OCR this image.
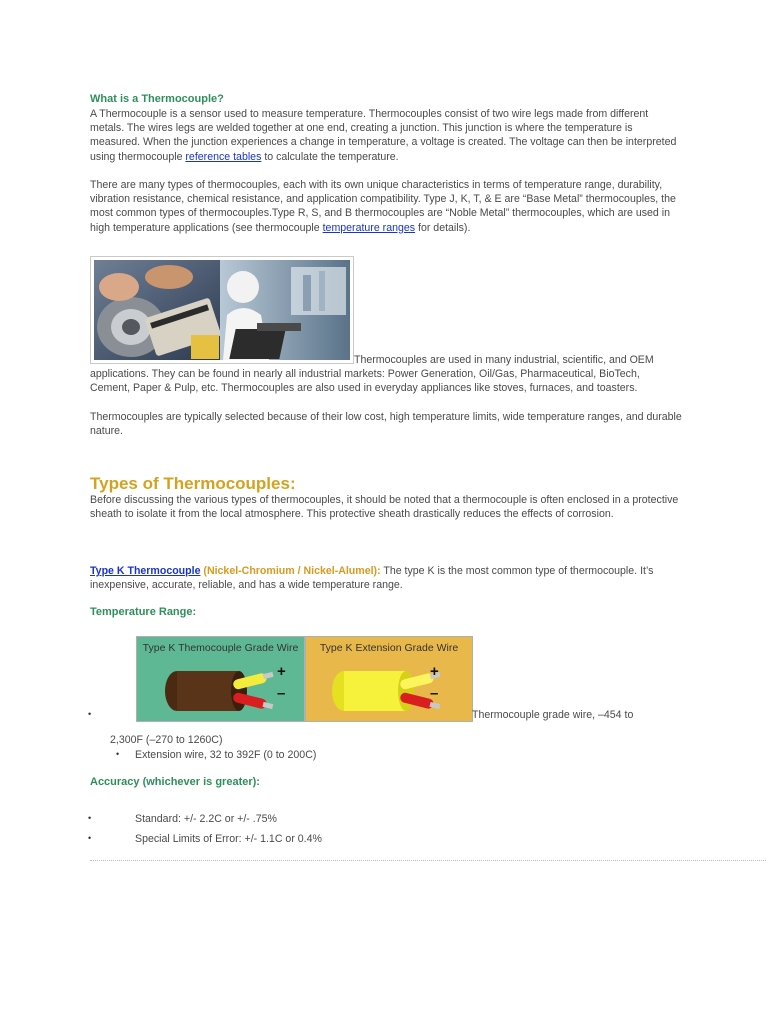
What is a Thermocouple?

A Thermocouple is a sensor used to measure temperature. Thermocouples consist of two wire legs made from different metals. The wires legs are welded together at one end, creating a junction. This junction is where the temperature is measured. When the junction experiences a change in temperature, a voltage is created. The voltage can then be interpreted using thermocouple reference tables to calculate the temperature.

There are many types of thermocouples, each with its own unique characteristics in terms of temperature range, durability, vibration resistance, chemical resistance, and application compatibility. Type J, K, T, & E are “Base Metal” thermocouples, the most common types of thermocouples.Type R, S, and B thermocouples are “Noble Metal” thermocouples, which are used in high temperature applications (see thermocouple temperature ranges for details).

Thermocouples are used in many industrial, scientific, and OEM applications. They can be found in nearly all industrial markets: Power Generation, Oil/Gas, Pharmaceutical, BioTech, Cement, Paper & Pulp, etc. Thermocouples are also used in everyday appliances like stoves, furnaces, and toasters.

Thermocouples are typically selected because of their low cost, high temperature limits, wide temperature ranges, and durable nature.

Types of Thermocouples:

Before discussing the various types of thermocouples, it should be noted that a thermocouple is often enclosed in a protective sheath to isolate it from the local atmosphere. This protective sheath drastically reduces the effects of corrosion.

Type K Thermocouple (Nickel-Chromium / Nickel-Alumel): The type K is the most common type of thermocouple. It’s inexpensive, accurate, reliable, and has a wide temperature range.

Temperature Range:
Type K Themocouple Grade Wire
+
–
Type K Extension Grade Wire
+
–
•	Thermocouple grade wire, –454 to
2,300F (–270 to 1260C)
• Extension wire, 32 to 392F (0 to 200C)
Accuracy (whichever is greater):
•	Standard: +/- 2.2C or +/- .75%
•	Special Limits of Error: +/- 1.1C or 0.4%
